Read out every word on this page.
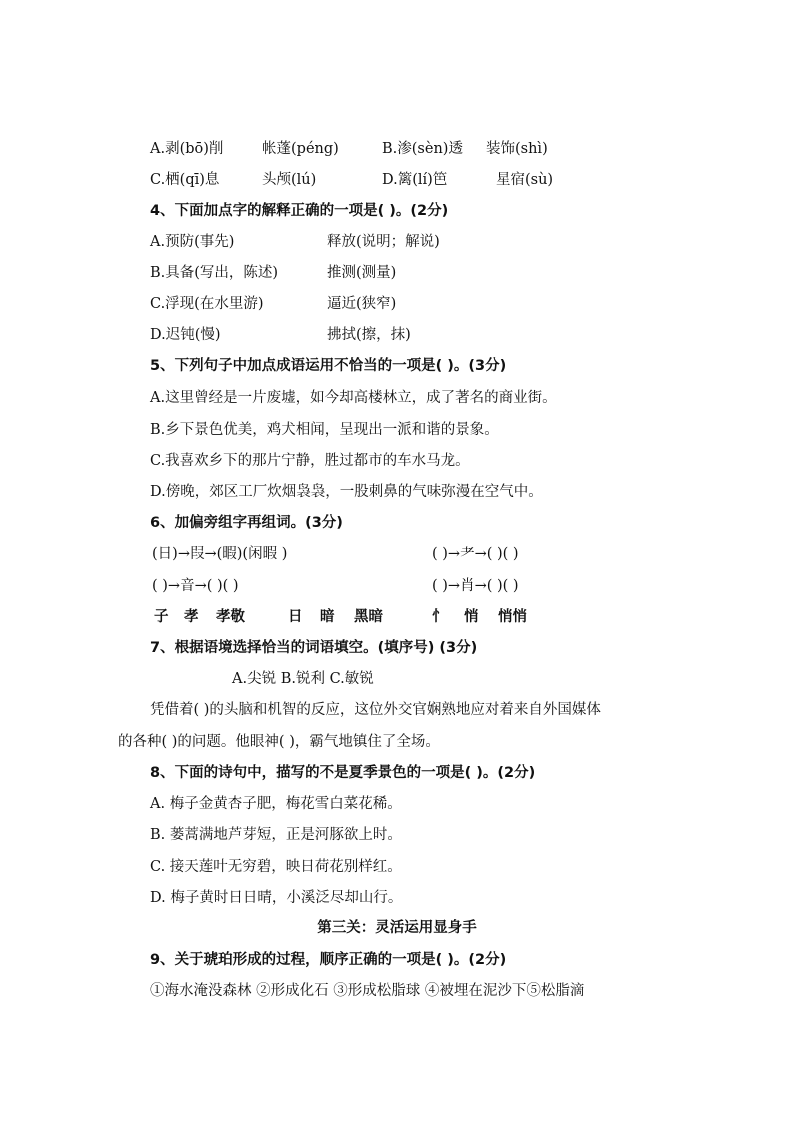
A.剥(bō)削	帐蓬(péng)	B.渗(sèn)透 装饰(shì)
C.栖(qī)息	头颅(lú)	D.篱(lí)笆	星宿(sù)
4、下面加点字的解释正确的一项是( )。(2分)
A.预防(事先)	释放(说明；解说)
B.具备(写出，陈述)	推测(测量)
C.浮现(在水里游)	逼近(狭窄)
D.迟钝(慢)	拂拭(擦，抹)
5、下列句子中加点成语运用不恰当的一项是( )。(3分)
A.这里曾经是一片废墟，如今却高楼林立，成了著名的商业街。
B.乡下景色优美，鸡犬相闻，呈现出一派和谐的景象。
C.我喜欢乡下的那片宁静，胜过都市的车水马龙。
D.傍晚，郊区工厂炊烟袅袅，一股刺鼻的气味弥漫在空气中。
6、加偏旁组字再组词。(3分)
(日)→叚→(暇)(闲暇 )	( )→耂→( )( )
( )→音→( )( )	( )→肖→( )( )
子 孝 孝敬	日 暗 黑暗	忄 悄 悄悄
7、根据语境选择恰当的词语填空。(填序号) (3分)
A.尖锐 B.锐利 C.敏锐
凭借着( )的头脑和机智的反应，这位外交官娴熟地应对着来自外国媒体
的各种( )的问题。他眼神( )，霸气地镇住了全场。
8、下面的诗句中，描写的不是夏季景色的一项是( )。(2分)
A. 梅子金黄杏子肥，梅花雪白菜花稀。
B. 蒌蒿满地芦芽短，正是河豚欲上时。
C. 接天莲叶无穷碧，映日荷花别样红。
D. 梅子黄时日日晴，小溪泛尽却山行。
第三关：灵活运用显身手
9、关于琥珀形成的过程，顺序正确的一项是( )。(2分)
①海水淹没森林 ②形成化石 ③形成松脂球 ④被埋在泥沙下⑤松脂滴
